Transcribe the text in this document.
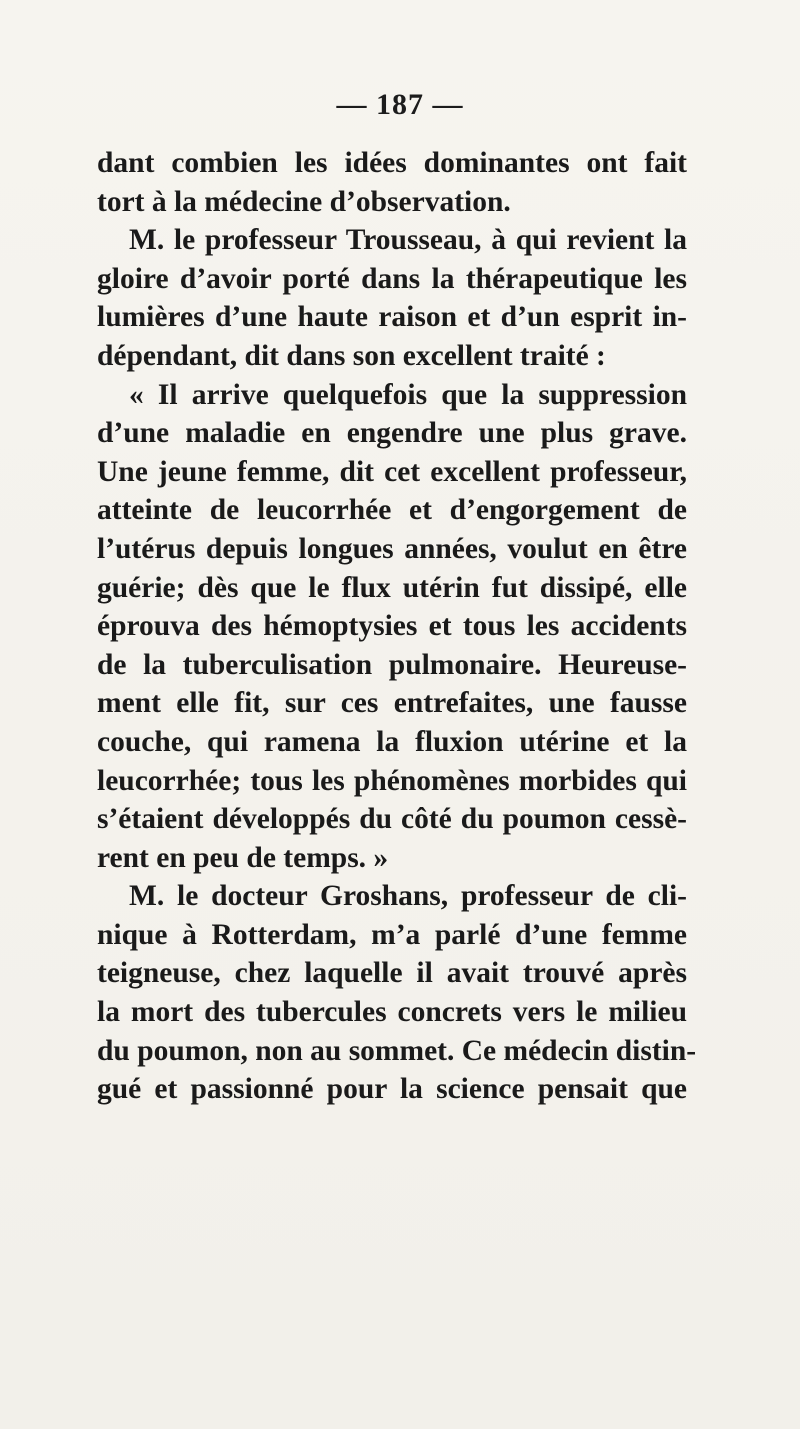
— 187 —
dant combien les idées dominantes ont fait
tort à la médecine d’observation.
M. le professeur Trousseau, à qui revient la
gloire d’avoir porté dans la thérapeutique les
lumières d’une haute raison et d’un esprit in-
dépendant, dit dans son excellent traité :
« Il arrive quelquefois que la suppression
d’une maladie en engendre une plus grave.
Une jeune femme, dit cet excellent professeur,
atteinte de leucorrhée et d’engorgement de
l’utérus depuis longues années, voulut en être
guérie; dès que le flux utérin fut dissipé, elle
éprouva des hémoptysies et tous les accidents
de la tuberculisation pulmonaire. Heureuse-
ment elle fit, sur ces entrefaites, une fausse
couche, qui ramena la fluxion utérine et la
leucorrhée; tous les phénomènes morbides qui
s’étaient développés du côté du poumon cessè-
rent en peu de temps. »
M. le docteur Groshans, professeur de cli-
nique à Rotterdam, m’a parlé d’une femme
teigneuse, chez laquelle il avait trouvé après
la mort des tubercules concrets vers le milieu
du poumon, non au sommet. Ce médecin distin-
gué et passionné pour la science pensait que
